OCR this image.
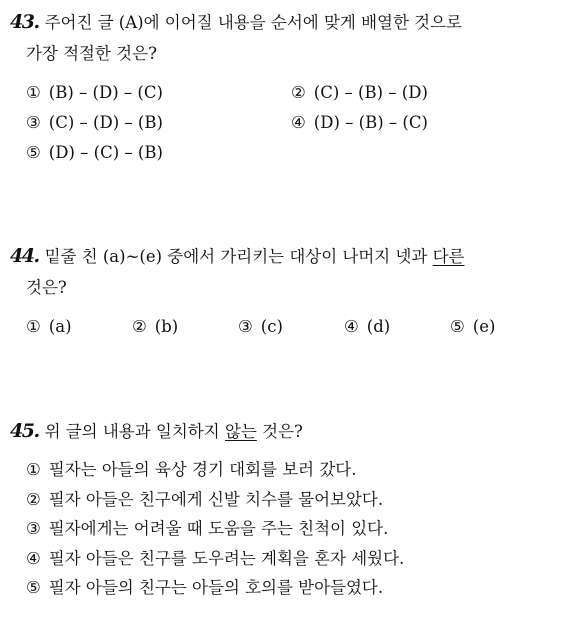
43. 주어진 글 (A)에 이어질 내용을 순서에 맞게 배열한 것으로
가장 적절한 것은?
① (B) – (D) – (C)	② (C) – (B) – (D)
③ (C) – (D) – (B)	④ (D) – (B) – (C)
⑤ (D) – (C) – (B)
44. 밑줄 친 (a)~(e) 중에서 가리키는 대상이 나머지 넷과 다른
것은?
① (a)	② (b)	③ (c)	④ (d)	⑤ (e)
45. 위 글의 내용과 일치하지 않는 것은?
① 필자는 아들의 육상 경기 대회를 보러 갔다.
② 필자 아들은 친구에게 신발 치수를 물어보았다.
③ 필자에게는 어려울 때 도움을 주는 친척이 있다.
④ 필자 아들은 친구를 도우려는 계획을 혼자 세웠다.
⑤ 필자 아들의 친구는 아들의 호의를 받아들였다.
